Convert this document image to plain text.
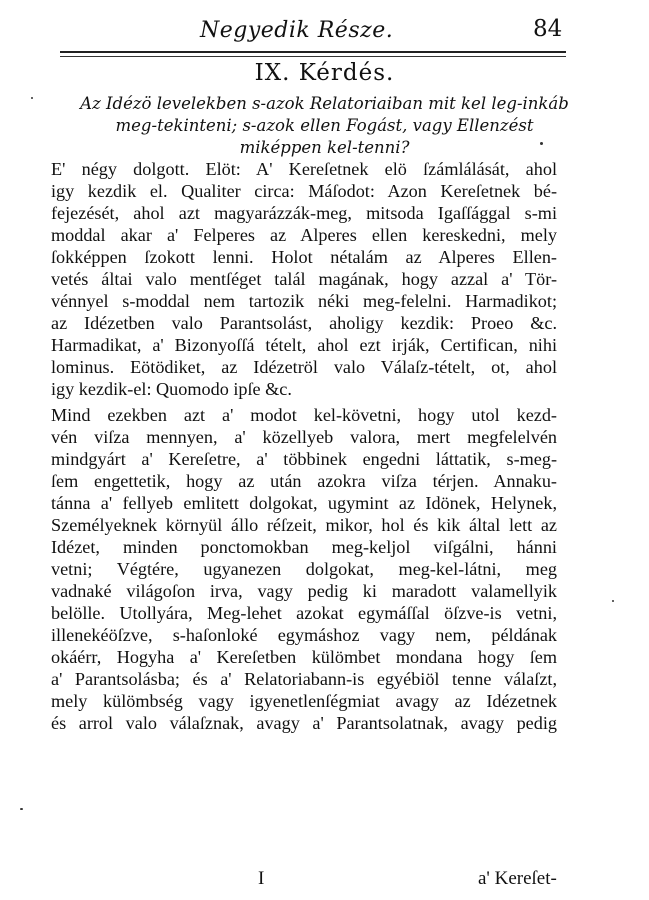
Negyedik Része.	84
IX. Kérdés.
Az Idézö levelekben s-azok Relatoriaiban mit kel leg-inkáb
meg-tekinteni; s-azok ellen Fogást, vagy Ellenzést
miképpen kel-tenni?
E' négy dolgott. Elöt: A' Kereſetnek elö ſzámlálását, ahol
igy kezdik el. Qualiter circa: Máſodot: Azon Kereſetnek bé-
fejezését, ahol azt magyarázzák-meg, mitsoda Igaſſággal s-mi
moddal akar a' Felperes az Alperes ellen kereskedni, mely
ſokképpen ſzokott lenni. Holot nétalám az Alperes Ellen-
vetés áltai valo mentſéget talál magának, hogy azzal a' Tör-
vénnyel s-moddal nem tartozik néki meg-felelni. Harmadikot;
az Idézetben valo Parantsolást, aholigy kezdik: Proeo &c.
Harmadikat, a' Bizonyoſſá tételt, ahol ezt irják, Certifican, nihi
lominus. Eötödiket, az Idézetröl valo Válaſz-tételt, ot, ahol
igy kezdik-el: Quomodo ipſe &c.
Mind ezekben azt a' modot kel-követni, hogy utol kezd-
vén viſza mennyen, a' közellyeb valora, mert megfelelvén
mindgyárt a' Kereſetre, a' többinek engedni láttatik, s-meg-
ſem engettetik, hogy az után azokra viſza térjen. Annaku-
tánna a' fellyeb emlitett dolgokat, ugymint az Idönek, Helynek,
Személyeknek környül állo réſzeit, mikor, hol és kik által lett az
Idézet, minden ponctomokban meg-keljol viſgálni, hánni
vetni; Végtére, ugyanezen dolgokat, meg-kel-látni, meg
vadnaké világoſon irva, vagy pedig ki maradott valamellyik
belölle. Utollyára, Meg-lehet azokat egymáſſal öſzve-is vetni,
illenekéöſzve, s-haſonloké egymáshoz vagy nem, példának
okáérr, Hogyha a' Kereſetben külömbet mondana hogy ſem
a' Parantsolásba; és a' Relatoriabann-is egyébiöl tenne válaſzt,
mely külömbség vagy igyenetlenſégmiat avagy az Idézetnek
és arrol valo válaſznak, avagy a' Parantsolatnak, avagy pedig
I	a' Kereſet-
